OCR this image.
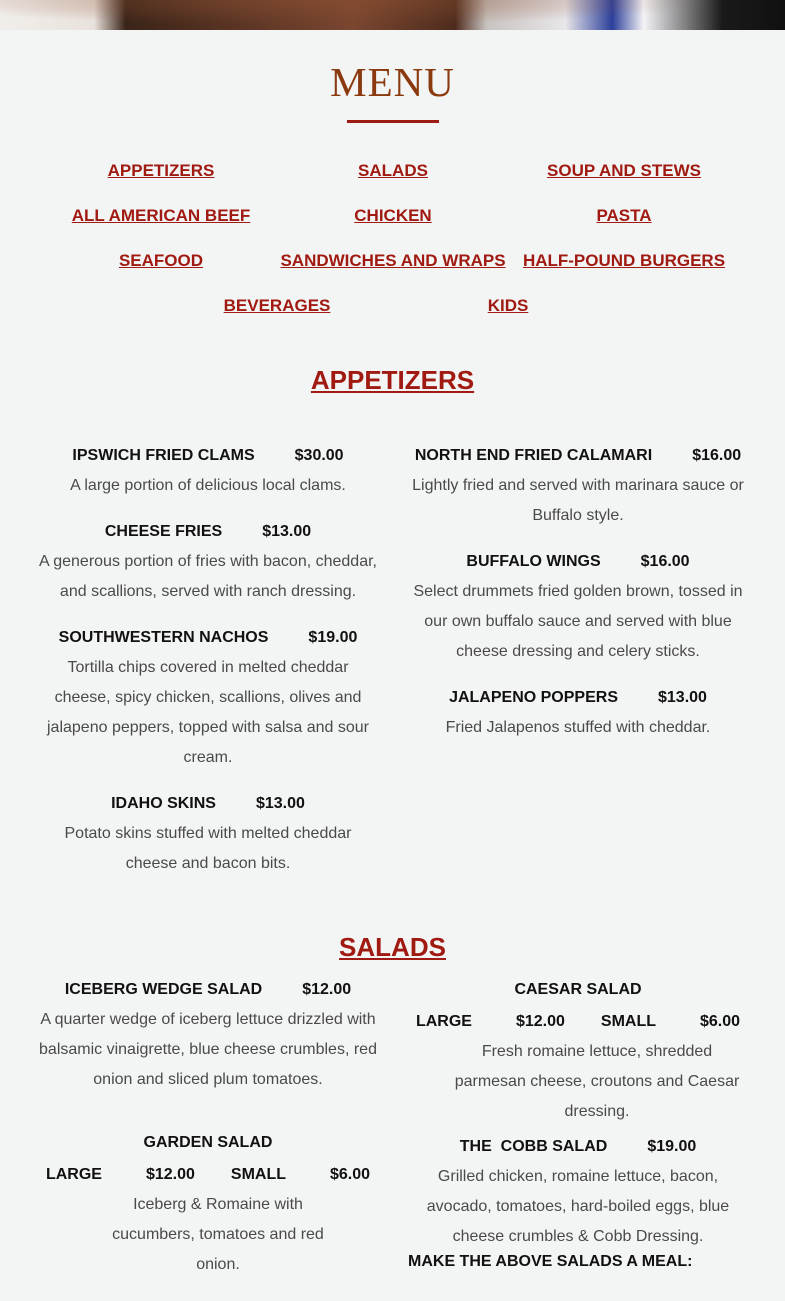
MENU
APPETIZERS	SALADS	SOUP AND STEWS
ALL AMERICAN BEEF	CHICKEN	PASTA
SEAFOOD	SANDWICHES AND WRAPS	HALF-POUND BURGERS
BEVERAGES	KIDS
APPETIZERS
IPSWICH FRIED CLAMS	$30.00
A large portion of delicious local clams.
CHEESE FRIES	$13.00
A generous portion of fries with bacon, cheddar, and scallions, served with ranch dressing.
SOUTHWESTERN NACHOS	$19.00
Tortilla chips covered in melted cheddar cheese, spicy chicken, scallions, olives and jalapeno peppers, topped with salsa and sour cream.
IDAHO SKINS	$13.00
Potato skins stuffed with melted cheddar cheese and bacon bits.
NORTH END FRIED CALAMARI	$16.00
Lightly fried and served with marinara sauce or Buffalo style.
BUFFALO WINGS	$16.00
Select drummets fried golden brown, tossed in our own buffalo sauce and served with blue cheese dressing and celery sticks.
JALAPENO POPPERS	$13.00
Fried Jalapenos stuffed with cheddar.
SALADS
ICEBERG WEDGE SALAD	$12.00
A quarter wedge of iceberg lettuce drizzled with balsamic vinaigrette, blue cheese crumbles, red onion and sliced plum tomatoes.
GARDEN SALAD
LARGE	$12.00 SMALL	$6.00
Iceberg & Romaine with cucumbers, tomatoes and red onion.
CAESAR SALAD
LARGE	$12.00 SMALL	$6.00
Fresh romaine lettuce, shredded parmesan cheese, croutons and Caesar dressing.
THE  COBB SALAD	$19.00
Grilled chicken, romaine lettuce, bacon, avocado, tomatoes, hard-boiled eggs, blue cheese crumbles & Cobb Dressing.
MAKE THE ABOVE SALADS A MEAL:
